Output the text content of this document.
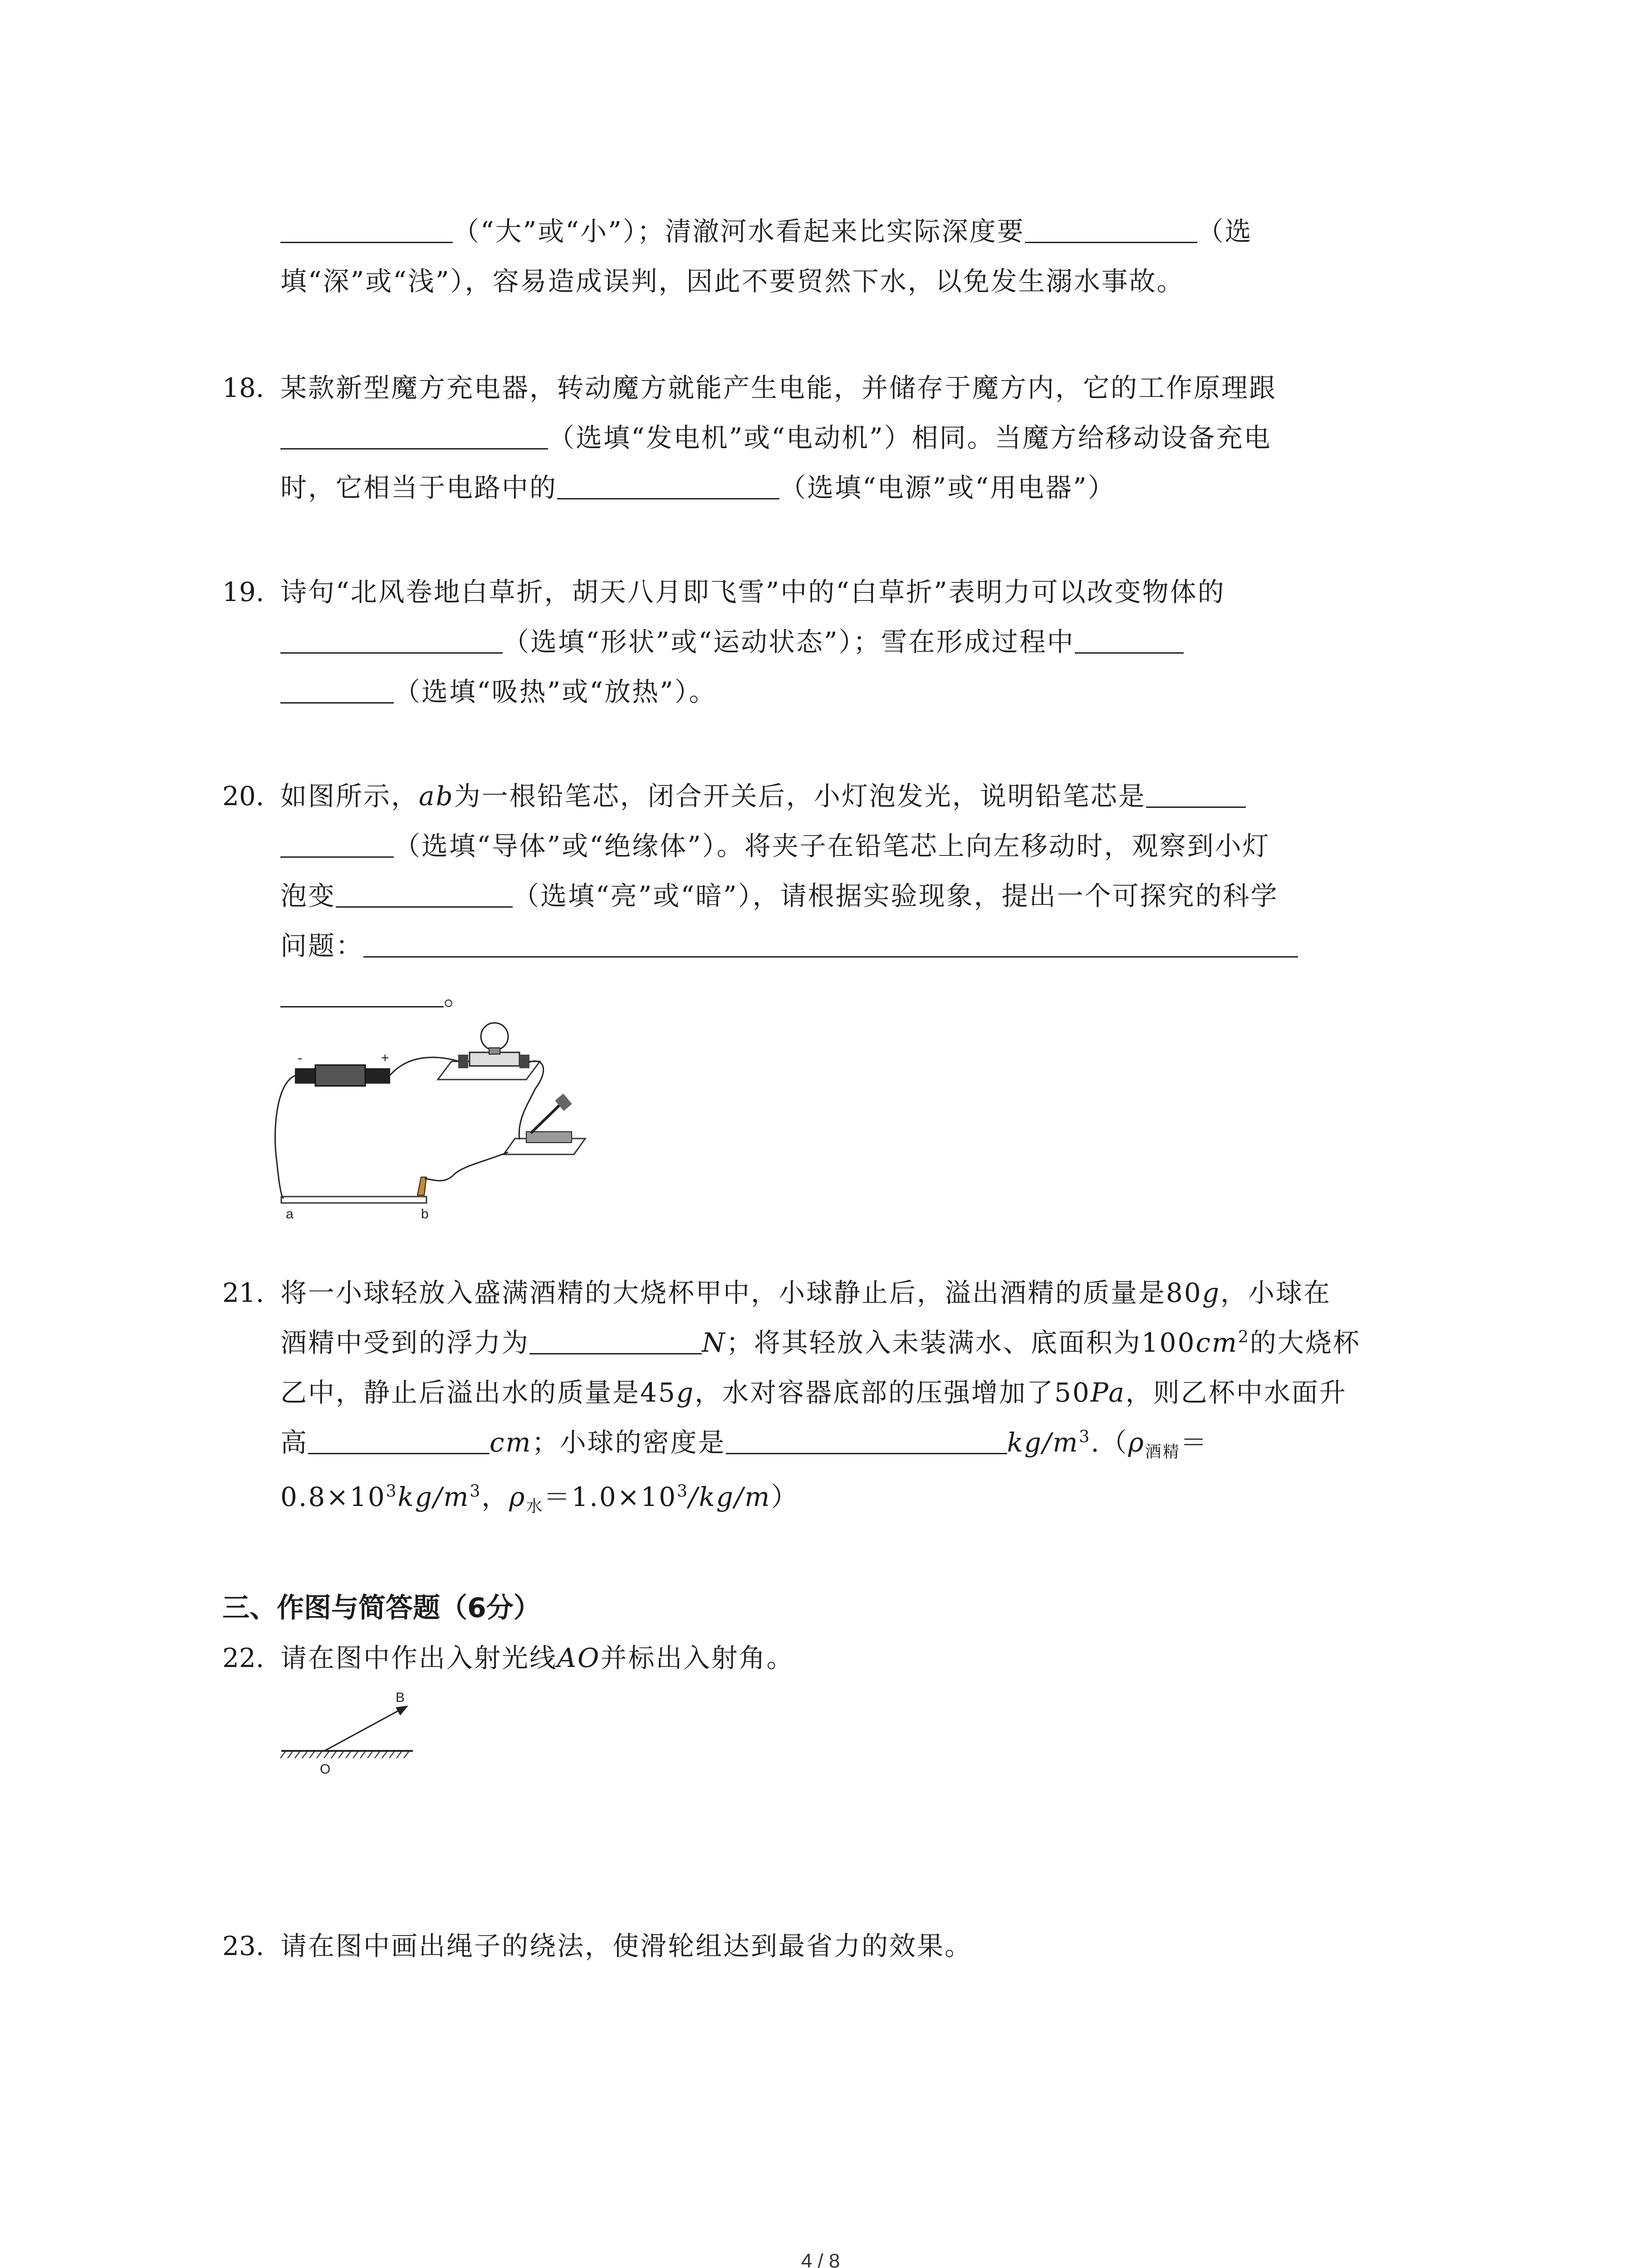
（“大”或“小”）；清澈河水看起来比实际深度要	（选
填“深”或“浅”），容易造成误判，因此不要贸然下水，以免发生溺水事故。
18. 某款新型魔方充电器，转动魔方就能产生电能，并储存于魔方内，它的工作原理跟
（选填“发电机”或“电动机”）相同。当魔方给移动设备充电
时，它相当于电路中的	（选填“电源”或“用电器”）
19. 诗句“北风卷地白草折，胡天八月即飞雪”中的“白草折”表明力可以改变物体的
（选填“形状”或“运动状态”）；雪在形成过程中
（选填“吸热”或“放热”）。
20. 如图所示，ab为一根铅笔芯，闭合开关后，小灯泡发光，说明铅笔芯是
（选填“导体”或“绝缘体”）。将夹子在铅笔芯上向左移动时，观察到小灯
泡变	（选填“亮”或“暗”），请根据实验现象，提出一个可探究的科学
问题：
。
-	+
a	b
21. 将一小球轻放入盛满酒精的大烧杯甲中，小球静止后，溢出酒精的质量是80g，小球在
酒精中受到的浮力为	N；将其轻放入未装满水、底面积为$100cm^2$的大烧杯
乙中，静止后溢出水的质量是45g，水对容器底部的压强增加了50Pa，则乙杯中水面升
高	cm；小球的密度是	$kg/m^3.(\rho_{酒精}=$
$0.8\times 10^3kg/m^3$，$\rho_水=1.0\times 10^3/kg/m$）
三、作图与简答题（6分）
22. 请在图中作出入射光线AO并标出入射角。
B
O
23. 请在图中画出绳子的绕法，使滑轮组达到最省力的效果。
4 / 8
